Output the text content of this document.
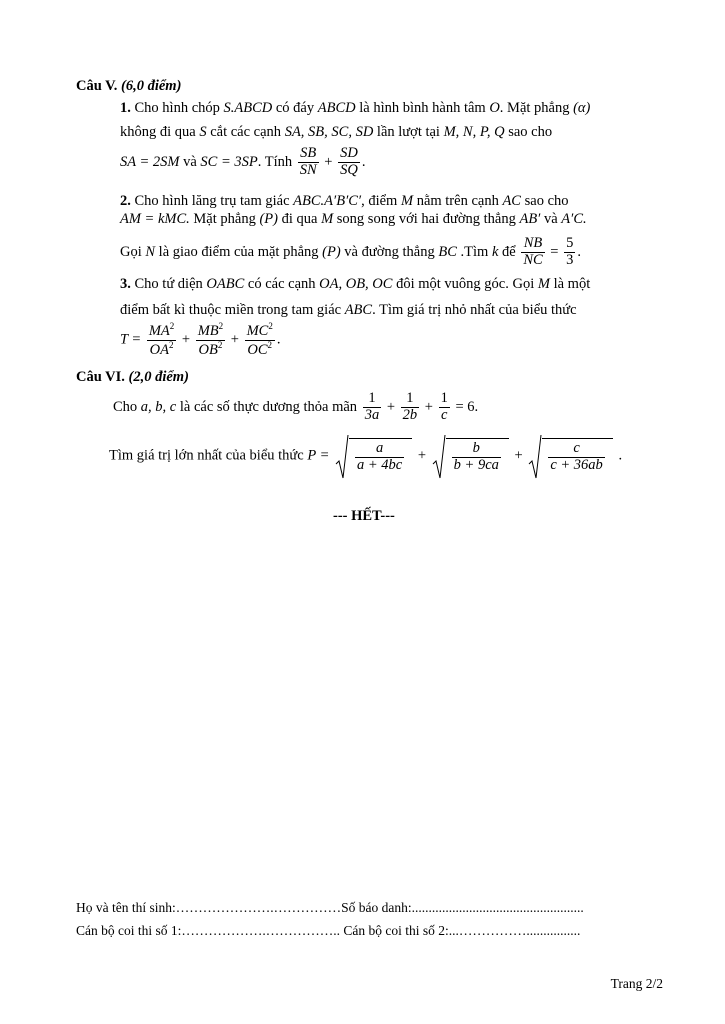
Câu V. (6,0 điểm)
1. Cho hình chóp S.ABCD có đáy ABCD là hình bình hành tâm O. Mặt phẳng (α)
không đi qua S cắt các cạnh SA, SB, SC, SD lần lượt tại M, N, P, Q sao cho
SA = 2SM và SC = 3SP. Tính $\frac{SB}{SN} + \frac{SD}{SQ}$ .
2. Cho hình lăng trụ tam giác ABC.A′B′C′, điểm M nằm trên cạnh AC sao cho
AM = kMC. Mặt phẳng (P) đi qua M song song với hai đường thẳng AB′ và A′C.
Gọi N là giao điểm của mặt phẳng (P) và đường thẳng BC .Tìm k để $\frac{NB}{NC} = \frac{5}{3}$ .
3. Cho tứ diện OABC có các cạnh OA, OB, OC đôi một vuông góc. Gọi M là một
điểm bất kì thuộc miền trong tam giác ABC. Tìm giá trị nhỏ nhất của biểu thức
$T = \frac{MA^2}{OA^2} + \frac{MB^2}{OB^2} + \frac{MC^2}{OC^2}$ .
Câu VI. (2,0 điểm)
Cho a, b, c là các số thực dương thỏa mãn $\frac{1}{3a} + \frac{1}{2b} + \frac{1}{c} = 6$.
Tìm giá trị lớn nhất của biểu thức $P = \frac{a}{a + 4bc} + \frac{b}{b + 9ca} + \frac{c}{c + 36ab}$ .
--- HẾT---
Họ và tên thí sinh:………………….……………Số báo danh:...................................................
Cán bộ coi thi số 1:……………….…………….. Cán bộ coi thi số 2:...……………................
Trang 2/2
